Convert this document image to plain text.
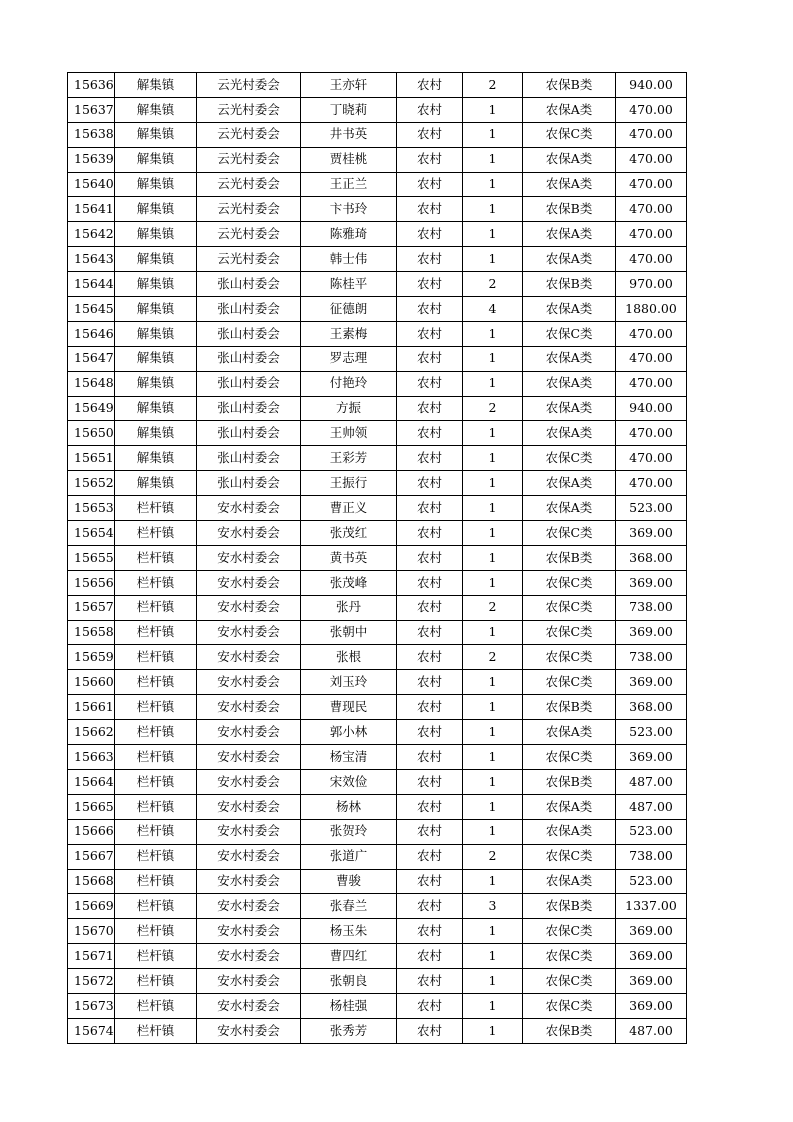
15636	解集镇	云光村委会	王亦轩	农村	2	农保B类	940.00
15637	解集镇	云光村委会	丁晓莉	农村	1	农保A类	470.00
15638	解集镇	云光村委会	井书英	农村	1	农保C类	470.00
15639	解集镇	云光村委会	贾桂桃	农村	1	农保A类	470.00
15640	解集镇	云光村委会	王正兰	农村	1	农保A类	470.00
15641	解集镇	云光村委会	卞书玲	农村	1	农保B类	470.00
15642	解集镇	云光村委会	陈雅琦	农村	1	农保A类	470.00
15643	解集镇	云光村委会	韩士伟	农村	1	农保A类	470.00
15644	解集镇	张山村委会	陈桂平	农村	2	农保B类	970.00
15645	解集镇	张山村委会	征德朗	农村	4	农保A类	1880.00
15646	解集镇	张山村委会	王素梅	农村	1	农保C类	470.00
15647	解集镇	张山村委会	罗志理	农村	1	农保A类	470.00
15648	解集镇	张山村委会	付艳玲	农村	1	农保A类	470.00
15649	解集镇	张山村委会	方振	农村	2	农保A类	940.00
15650	解集镇	张山村委会	王帅领	农村	1	农保A类	470.00
15651	解集镇	张山村委会	王彩芳	农村	1	农保C类	470.00
15652	解集镇	张山村委会	王振行	农村	1	农保A类	470.00
15653	栏杆镇	安水村委会	曹正义	农村	1	农保A类	523.00
15654	栏杆镇	安水村委会	张茂红	农村	1	农保C类	369.00
15655	栏杆镇	安水村委会	黄书英	农村	1	农保B类	368.00
15656	栏杆镇	安水村委会	张茂峰	农村	1	农保C类	369.00
15657	栏杆镇	安水村委会	张丹	农村	2	农保C类	738.00
15658	栏杆镇	安水村委会	张朝中	农村	1	农保C类	369.00
15659	栏杆镇	安水村委会	张根	农村	2	农保C类	738.00
15660	栏杆镇	安水村委会	刘玉玲	农村	1	农保C类	369.00
15661	栏杆镇	安水村委会	曹现民	农村	1	农保B类	368.00
15662	栏杆镇	安水村委会	郭小林	农村	1	农保A类	523.00
15663	栏杆镇	安水村委会	杨宝清	农村	1	农保C类	369.00
15664	栏杆镇	安水村委会	宋效俭	农村	1	农保B类	487.00
15665	栏杆镇	安水村委会	杨林	农村	1	农保A类	487.00
15666	栏杆镇	安水村委会	张贺玲	农村	1	农保A类	523.00
15667	栏杆镇	安水村委会	张道广	农村	2	农保C类	738.00
15668	栏杆镇	安水村委会	曹骏	农村	1	农保A类	523.00
15669	栏杆镇	安水村委会	张春兰	农村	3	农保B类	1337.00
15670	栏杆镇	安水村委会	杨玉朱	农村	1	农保C类	369.00
15671	栏杆镇	安水村委会	曹四红	农村	1	农保C类	369.00
15672	栏杆镇	安水村委会	张朝良	农村	1	农保C类	369.00
15673	栏杆镇	安水村委会	杨桂强	农村	1	农保C类	369.00
15674	栏杆镇	安水村委会	张秀芳	农村	1	农保B类	487.00
